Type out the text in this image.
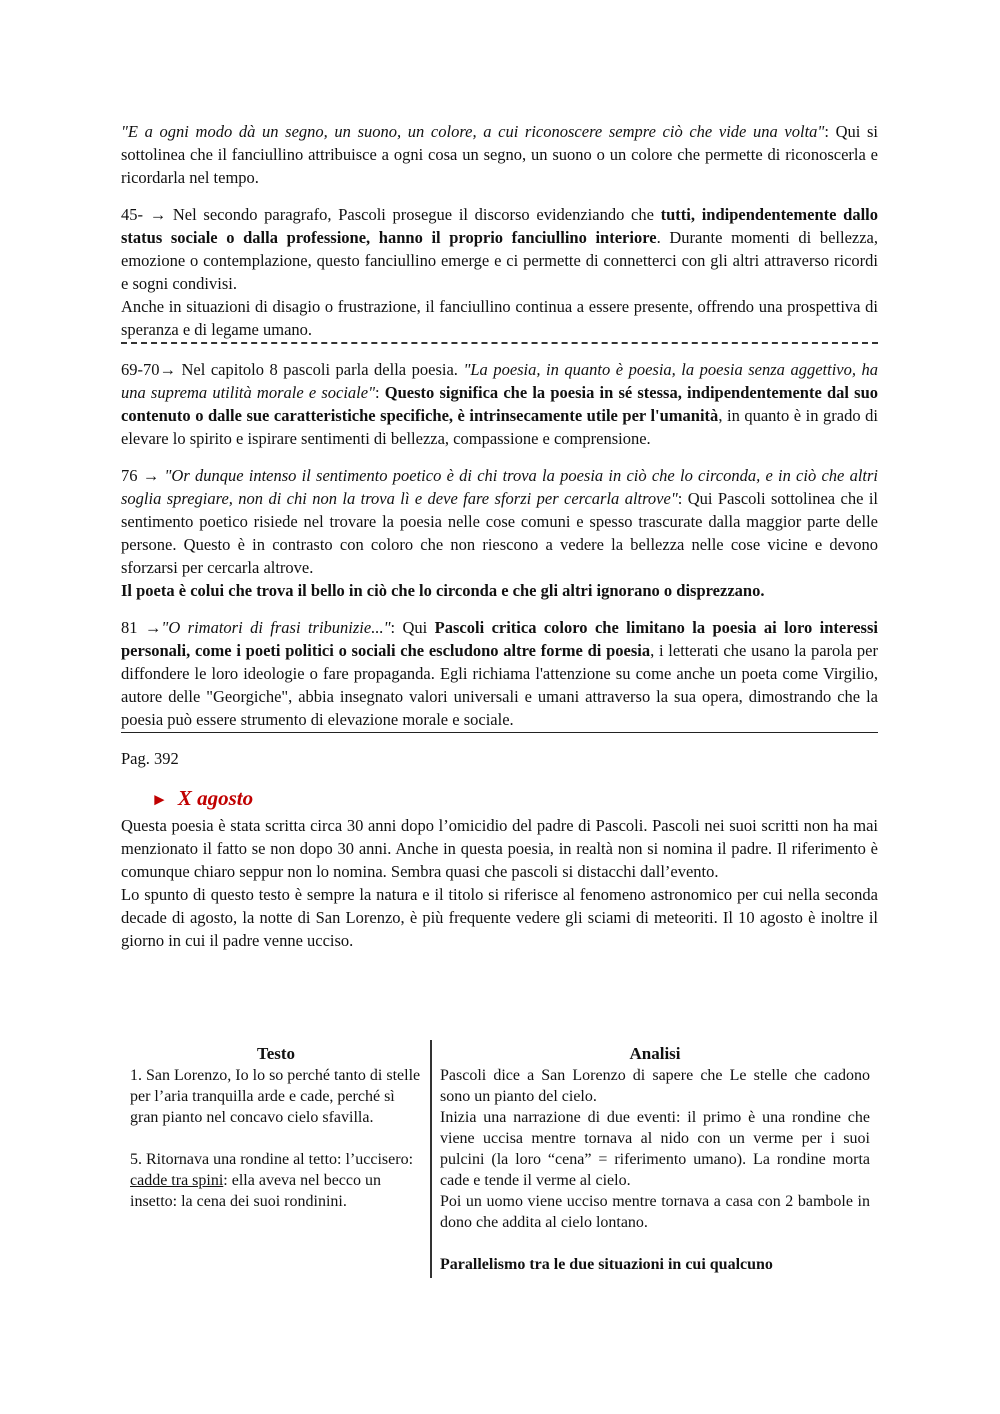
"E a ogni modo dà un segno, un suono, un colore, a cui riconoscere sempre ciò che vide una volta": Qui si sottolinea che il fanciullino attribuisce a ogni cosa un segno, un suono o un colore che permette di riconoscerla e ricordarla nel tempo.

45- → Nel secondo paragrafo, Pascoli prosegue il discorso evidenziando che tutti, indipendentemente dallo status sociale o dalla professione, hanno il proprio fanciullino interiore. Durante momenti di bellezza, emozione o contemplazione, questo fanciullino emerge e ci permette di connetterci con gli altri attraverso ricordi e sogni condivisi.

Anche in situazioni di disagio o frustrazione, il fanciullino continua a essere presente, offrendo una prospettiva di speranza e di legame umano.

69-70→ Nel capitolo 8 pascoli parla della poesia. "La poesia, in quanto è poesia, la poesia senza aggettivo, ha una suprema utilità morale e sociale": Questo significa che la poesia in sé stessa, indipendentemente dal suo contenuto o dalle sue caratteristiche specifiche, è intrinsecamente utile per l'umanità, in quanto è in grado di elevare lo spirito e ispirare sentimenti di bellezza, compassione e comprensione.

76 → "Or dunque intenso il sentimento poetico è di chi trova la poesia in ciò che lo circonda, e in ciò che altri soglia spregiare, non di chi non la trova lì e deve fare sforzi per cercarla altrove": Qui Pascoli sottolinea che il sentimento poetico risiede nel trovare la poesia nelle cose comuni e spesso trascurate dalla maggior parte delle persone. Questo è in contrasto con coloro che non riescono a vedere la bellezza nelle cose vicine e devono sforzarsi per cercarla altrove.

Il poeta è colui che trova il bello in ciò che lo circonda e che gli altri ignorano o disprezzano.

81 →"O rimatori di frasi tribunizie...": Qui Pascoli critica coloro che limitano la poesia ai loro interessi personali, come i poeti politici o sociali che escludono altre forme di poesia, i letterati che usano la parola per diffondere le loro ideologie o fare propaganda. Egli richiama l'attenzione su come anche un poeta come Virgilio, autore delle "Georgiche", abbia insegnato valori universali e umani attraverso la sua opera, dimostrando che la poesia può essere strumento di elevazione morale e sociale.

Pag. 392
► X agosto

Questa poesia è stata scritta circa 30 anni dopo l’omicidio del padre di Pascoli. Pascoli nei suoi scritti non ha mai menzionato il fatto se non dopo 30 anni. Anche in questa poesia, in realtà non si nomina il padre. Il riferimento è comunque chiaro seppur non lo nomina. Sembra quasi che pascoli si distacchi dall’evento.

Lo spunto di questo testo è sempre la natura e il titolo si riferisce al fenomeno astronomico per cui nella seconda decade di agosto, la notte di San Lorenzo, è più frequente vedere gli sciami di meteoriti. Il 10 agosto è inoltre il giorno in cui il padre venne ucciso.

Testo

1. San Lorenzo, Io lo so perché tanto di stelle per l’aria tranquilla arde e cade, perché sì gran pianto nel concavo cielo sfavilla.

5. Ritornava una rondine al tetto: l’uccisero: cadde tra spini: ella aveva nel becco un insetto: la cena dei suoi rondinini.

Analisi

Pascoli dice a San Lorenzo di sapere che Le stelle che cadono sono un pianto del cielo.

Inizia una narrazione di due eventi: il primo è una rondine che viene uccisa mentre tornava al nido con un verme per i suoi pulcini (la loro “cena” = riferimento umano). La rondine morta cade e tende il verme al cielo.

Poi un uomo viene ucciso mentre tornava a casa con 2 bambole in dono che addita al cielo lontano.

Parallelismo tra le due situazioni in cui qualcuno
